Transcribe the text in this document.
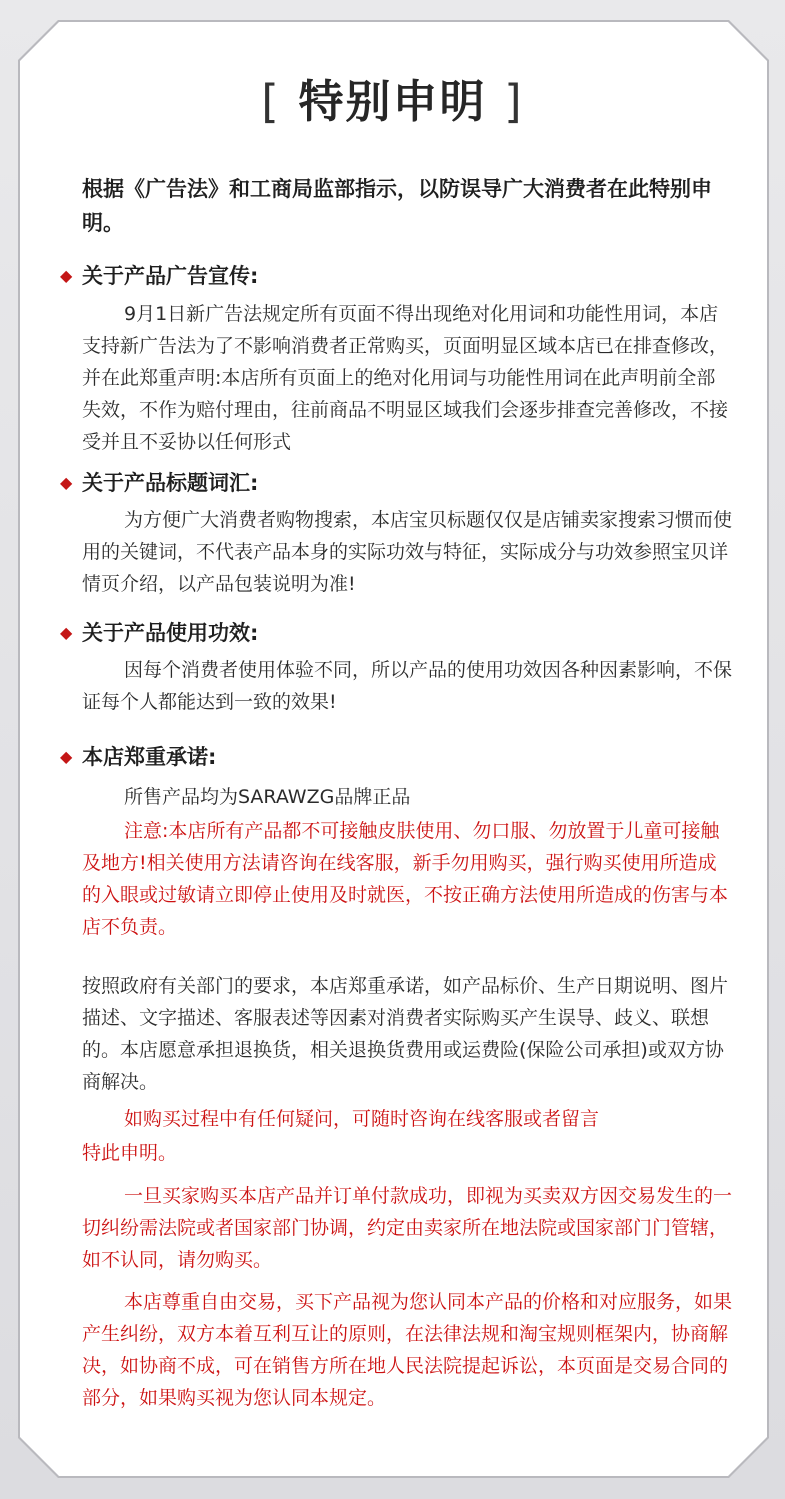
[ 特别申明 ]
根据《广告法》和工商局监部指示，以防误导广大消费者在此特别申明。
◆ 关于产品广告宣传:
9月1日新广告法规定所有页面不得出现绝对化用词和功能性用词，本店支持新广告法为了不影响消费者正常购买，页面明显区域本店已在排查修改，并在此郑重声明:本店所有页面上的绝对化用词与功能性用词在此声明前全部失效，不作为赔付理由，往前商品不明显区域我们会逐步排查完善修改，不接受并且不妥协以任何形式
◆ 关于产品标题词汇:
为方便广大消费者购物搜索，本店宝贝标题仅仅是店铺卖家搜索习惯而使用的关键词，不代表产品本身的实际功效与特征，实际成分与功效参照宝贝详情页介绍，以产品包装说明为准!
◆ 关于产品使用功效:
因每个消费者使用体验不同，所以产品的使用功效因各种因素影响，不保证每个人都能达到一致的效果!
◆ 本店郑重承诺:
所售产品均为SARAWZG品牌正品
注意:本店所有产品都不可接触皮肤使用、勿口服、勿放置于儿童可接触及地方!相关使用方法请咨询在线客服，新手勿用购买，强行购买使用所造成的入眼或过敏请立即停止使用及时就医，不按正确方法使用所造成的伤害与本店不负责。
按照政府有关部门的要求，本店郑重承诺，如产品标价、生产日期说明、图片描述、文字描述、客服表述等因素对消费者实际购买产生误导、歧义、联想的。本店愿意承担退换货，相关退换货费用或运费险(保险公司承担)或双方协商解决。
如购买过程中有任何疑问，可随时咨询在线客服或者留言
特此申明。
一旦买家购买本店产品并订单付款成功，即视为买卖双方因交易发生的一切纠纷需法院或者国家部门协调，约定由卖家所在地法院或国家部门门管辖，如不认同，请勿购买。
本店尊重自由交易，买下产品视为您认同本产品的价格和对应服务，如果产生纠纷，双方本着互利互让的原则，在法律法规和淘宝规则框架内，协商解决，如协商不成，可在销售方所在地人民法院提起诉讼，本页面是交易合同的部分，如果购买视为您认同本规定。
